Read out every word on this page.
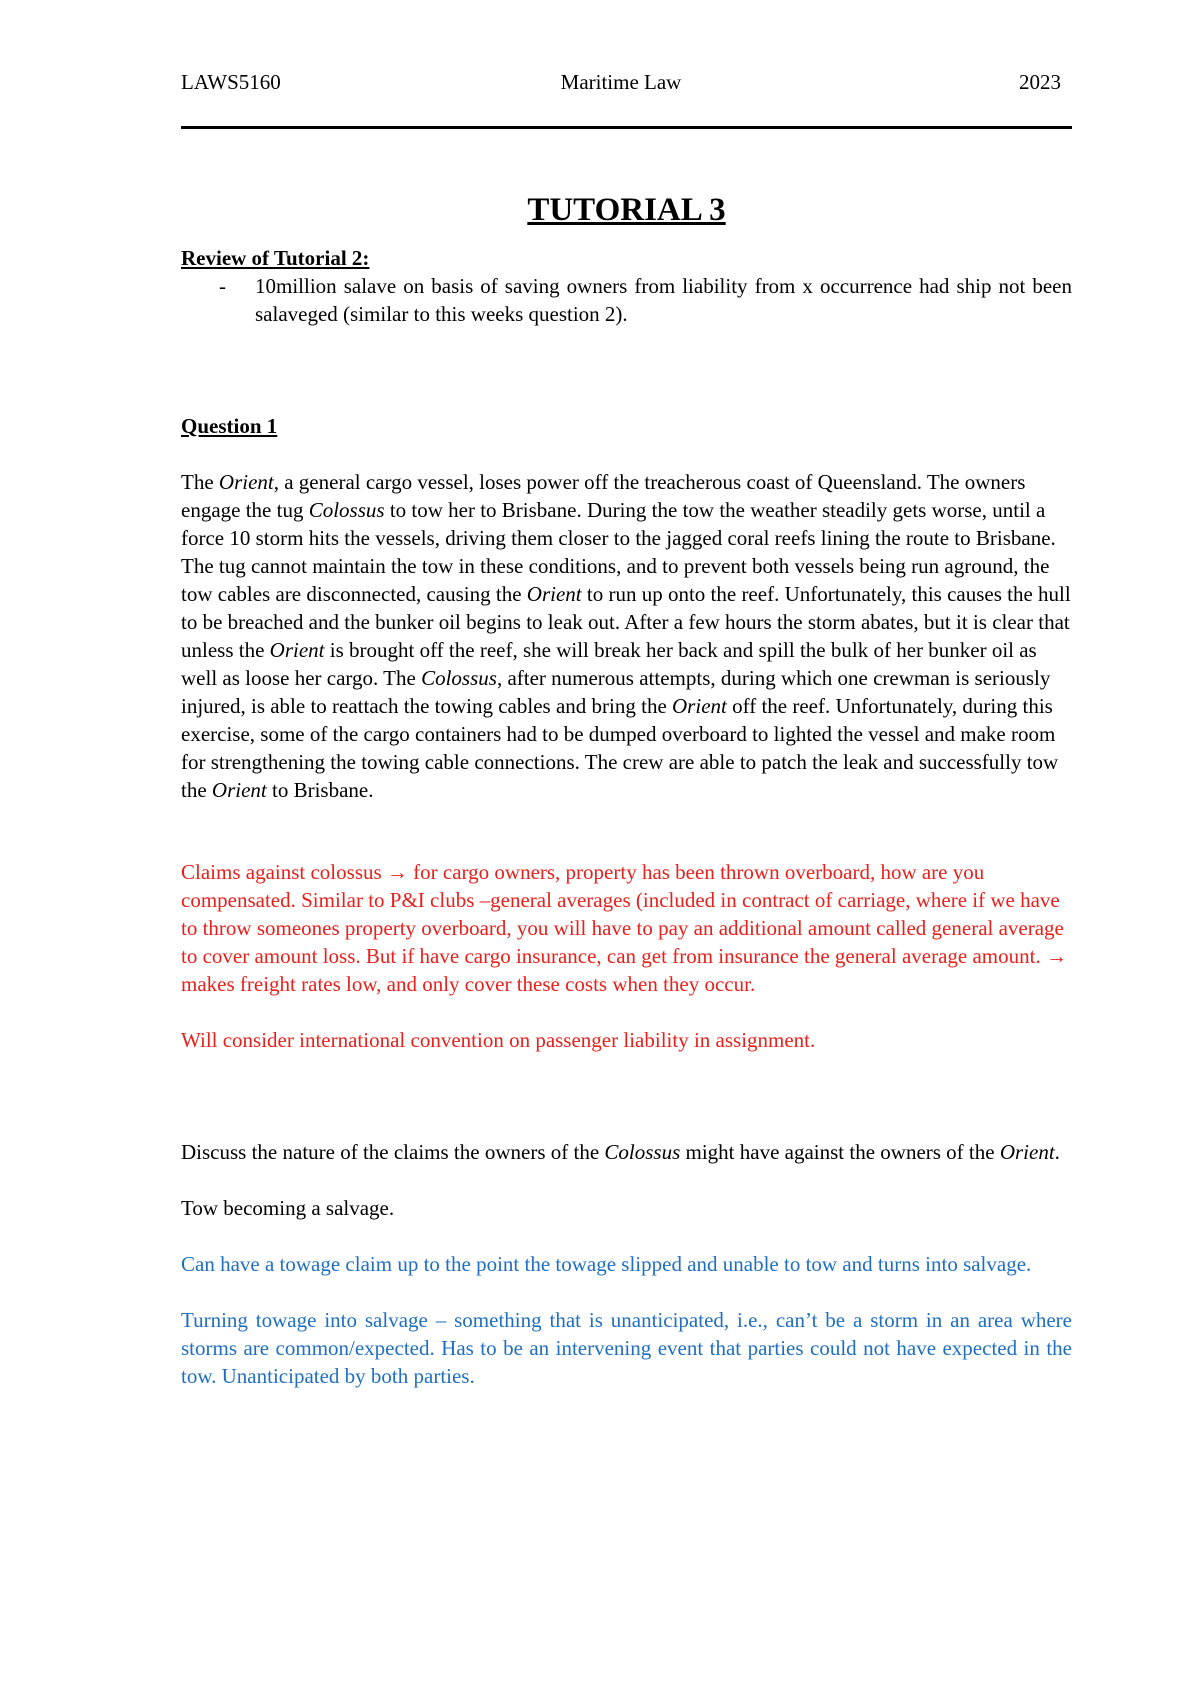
LAWS5160	Maritime Law	2023
TUTORIAL 3

Review of Tutorial 2:

- 10million salave on basis of saving owners from liability from x occurrence had ship not been salaveged (similar to this weeks question 2).

Question 1

The Orient, a general cargo vessel, loses power off the treacherous coast of Queensland. The owners engage the tug Colossus to tow her to Brisbane. During the tow the weather steadily gets worse, until a force 10 storm hits the vessels, driving them closer to the jagged coral reefs lining the route to Brisbane. The tug cannot maintain the tow in these conditions, and to prevent both vessels being run aground, the tow cables are disconnected, causing the Orient to run up onto the reef. Unfortunately, this causes the hull to be breached and the bunker oil begins to leak out. After a few hours the storm abates, but it is clear that unless the Orient is brought off the reef, she will break her back and spill the bulk of her bunker oil as well as loose her cargo. The Colossus, after numerous attempts, during which one crewman is seriously injured, is able to reattach the towing cables and bring the Orient off the reef. Unfortunately, during this exercise, some of the cargo containers had to be dumped overboard to lighted the vessel and make room for strengthening the towing cable connections. The crew are able to patch the leak and successfully tow the Orient to Brisbane.

Claims against colossus → for cargo owners, property has been thrown overboard, how are you compensated. Similar to P&I clubs –general averages (included in contract of carriage, where if we have to throw someones property overboard, you will have to pay an additional amount called general average to cover amount loss. But if have cargo insurance, can get from insurance the general average amount. → makes freight rates low, and only cover these costs when they occur.

Will consider international convention on passenger liability in assignment.

Discuss the nature of the claims the owners of the Colossus might have against the owners of the Orient.

Tow becoming a salvage.

Can have a towage claim up to the point the towage slipped and unable to tow and turns into salvage.

Turning towage into salvage – something that is unanticipated, i.e., can’t be a storm in an area where storms are common/expected. Has to be an intervening event that parties could not have expected in the tow. Unanticipated by both parties.
